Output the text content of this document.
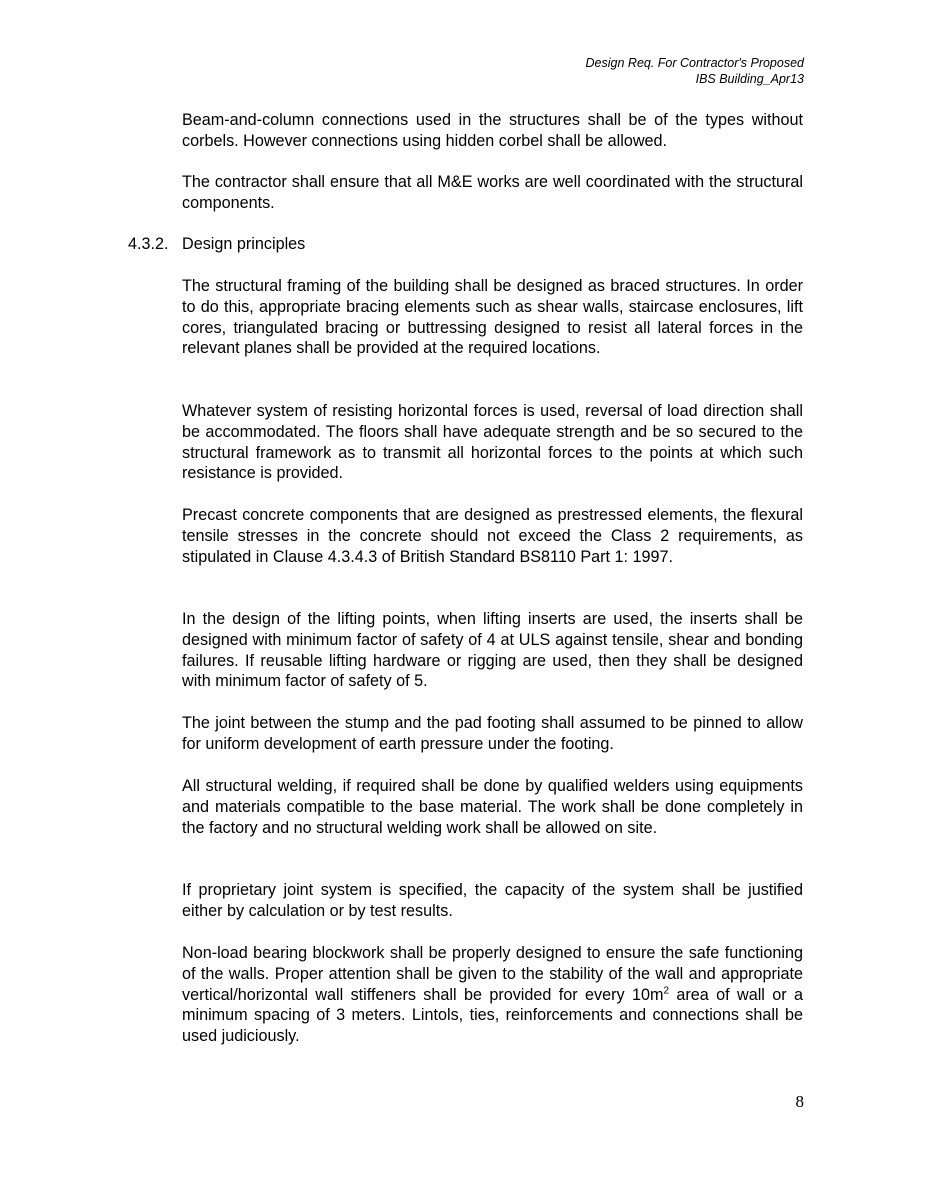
Design Req. For Contractor's Proposed
IBS Building_Apr13

Beam-and-column connections used in the structures shall be of the types without corbels. However connections using hidden corbel shall be allowed.

The contractor shall ensure that all M&E works are well coordinated with the structural components.

4.3.2. Design principles

The structural framing of the building shall be designed as braced structures. In order to do this, appropriate bracing elements such as shear walls, staircase enclosures, lift cores, triangulated bracing or buttressing designed to resist all lateral forces in the relevant planes shall be provided at the required locations.

Whatever system of resisting horizontal forces is used, reversal of load direction shall be accommodated. The floors shall have adequate strength and be so secured to the structural framework as to transmit all horizontal forces to the points at which such resistance is provided.

Precast concrete components that are designed as prestressed elements, the flexural tensile stresses in the concrete should not exceed the Class 2 requirements, as stipulated in Clause 4.3.4.3 of British Standard BS8110 Part 1: 1997.

In the design of the lifting points, when lifting inserts are used, the inserts shall be designed with minimum factor of safety of 4 at ULS against tensile, shear and bonding failures. If reusable lifting hardware or rigging are used, then they shall be designed with minimum factor of safety of 5.

The joint between the stump and the pad footing shall assumed to be pinned to allow for uniform development of earth pressure under the footing.

All structural welding, if required shall be done by qualified welders using equipments and materials compatible to the base material. The work shall be done completely in the factory and no structural welding work shall be allowed on site.

If proprietary joint system is specified, the capacity of the system shall be justified either by calculation or by test results.

Non-load bearing blockwork shall be properly designed to ensure the safe functioning of the walls. Proper attention shall be given to the stability of the wall and appropriate vertical/horizontal wall stiffeners shall be provided for every $10m^2$ area of wall or a minimum spacing of 3 meters. Lintols, ties, reinforcements and connections shall be used judiciously.

8
